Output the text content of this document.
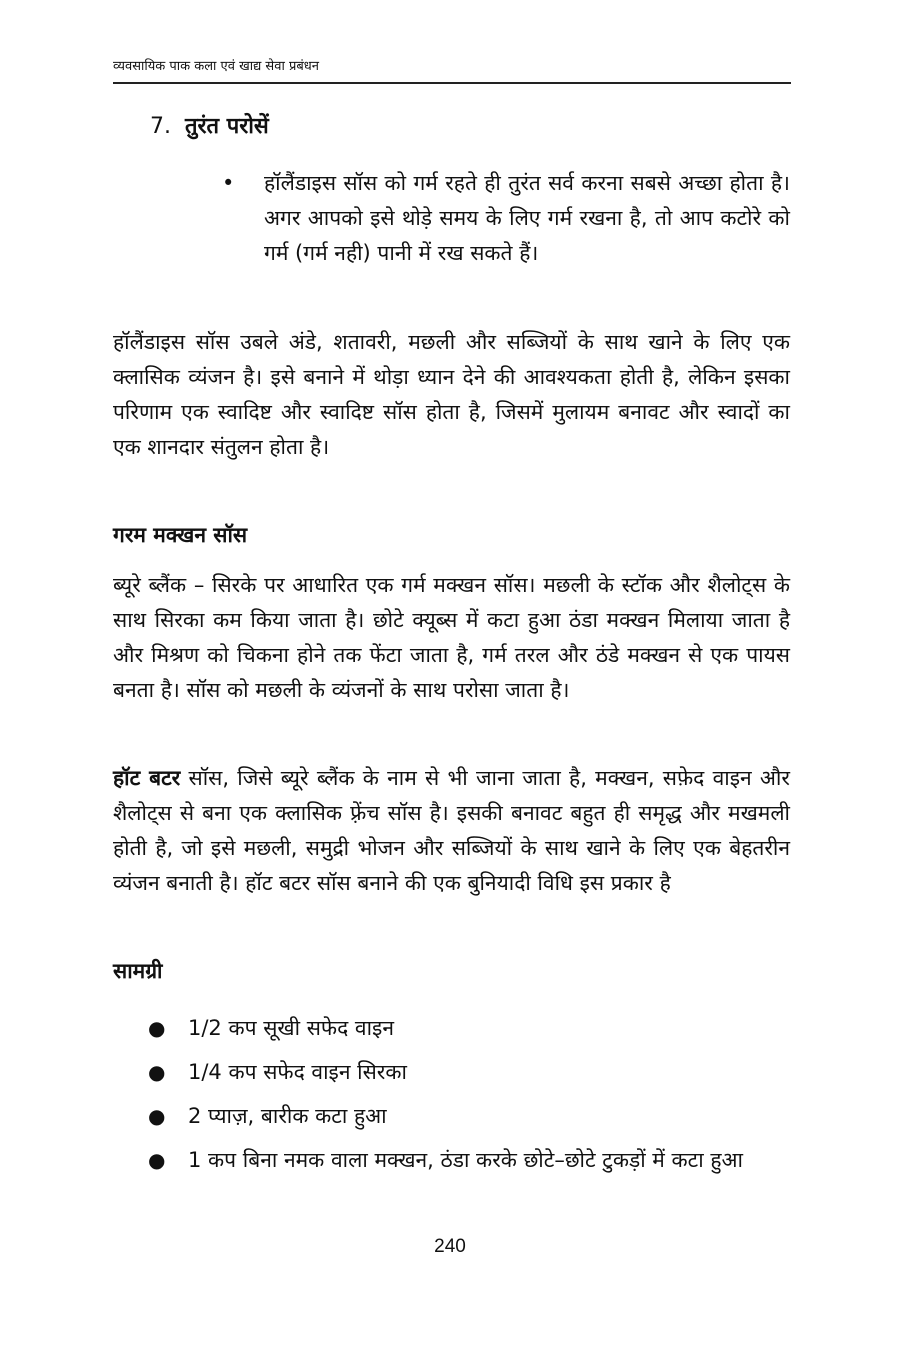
व्यवसायिक पाक कला एवं खाद्य सेवा प्रबंधन
7. तुरंत परोसें
•	हॉलैंडाइस सॉस को गर्म रहते ही तुरंत सर्व करना सबसे अच्छा होता है। अगर आपको इसे थोड़े समय के लिए गर्म रखना है, तो आप कटोरे को गर्म (गर्म नही) पानी में रख सकते हैं।

हॉलैंडाइस सॉस उबले अंडे, शतावरी, मछली और सब्जियों के साथ खाने के लिए एक क्लासिक व्यंजन है। इसे बनाने में थोड़ा ध्यान देने की आवश्यकता होती है, लेकिन इसका परिणाम एक स्वादिष्ट और स्वादिष्ट सॉस होता है, जिसमें मुलायम बनावट और स्वादों का एक शानदार संतुलन होता है।

गरम मक्खन सॉस

ब्यूरे ब्लैंक – सिरके पर आधारित एक गर्म मक्खन सॉस। मछली के स्टॉक और शैलोट्स के साथ सिरका कम किया जाता है। छोटे क्यूब्स में कटा हुआ ठंडा मक्खन मिलाया जाता है और मिश्रण को चिकना होने तक फेंटा जाता है, गर्म तरल और ठंडे मक्खन से एक पायस बनता है। सॉस को मछली के व्यंजनों के साथ परोसा जाता है।

हॉट बटर सॉस, जिसे ब्यूरे ब्लैंक के नाम से भी जाना जाता है, मक्खन, सफ़ेद वाइन और शैलोट्स से बना एक क्लासिक फ़्रेंच सॉस है। इसकी बनावट बहुत ही समृद्ध और मखमली होती है, जो इसे मछली, समुद्री भोजन और सब्जियों के साथ खाने के लिए एक बेहतरीन व्यंजन बनाती है। हॉट बटर सॉस बनाने की एक बुनियादी विधि इस प्रकार है

सामग्री
●	1/2 कप सूखी सफेद वाइन
●	1/4 कप सफेद वाइन सिरका
●	2 प्याज़, बारीक कटा हुआ
●	1 कप बिना नमक वाला मक्खन, ठंडा करके छोटे–छोटे टुकड़ों में कटा हुआ
240
